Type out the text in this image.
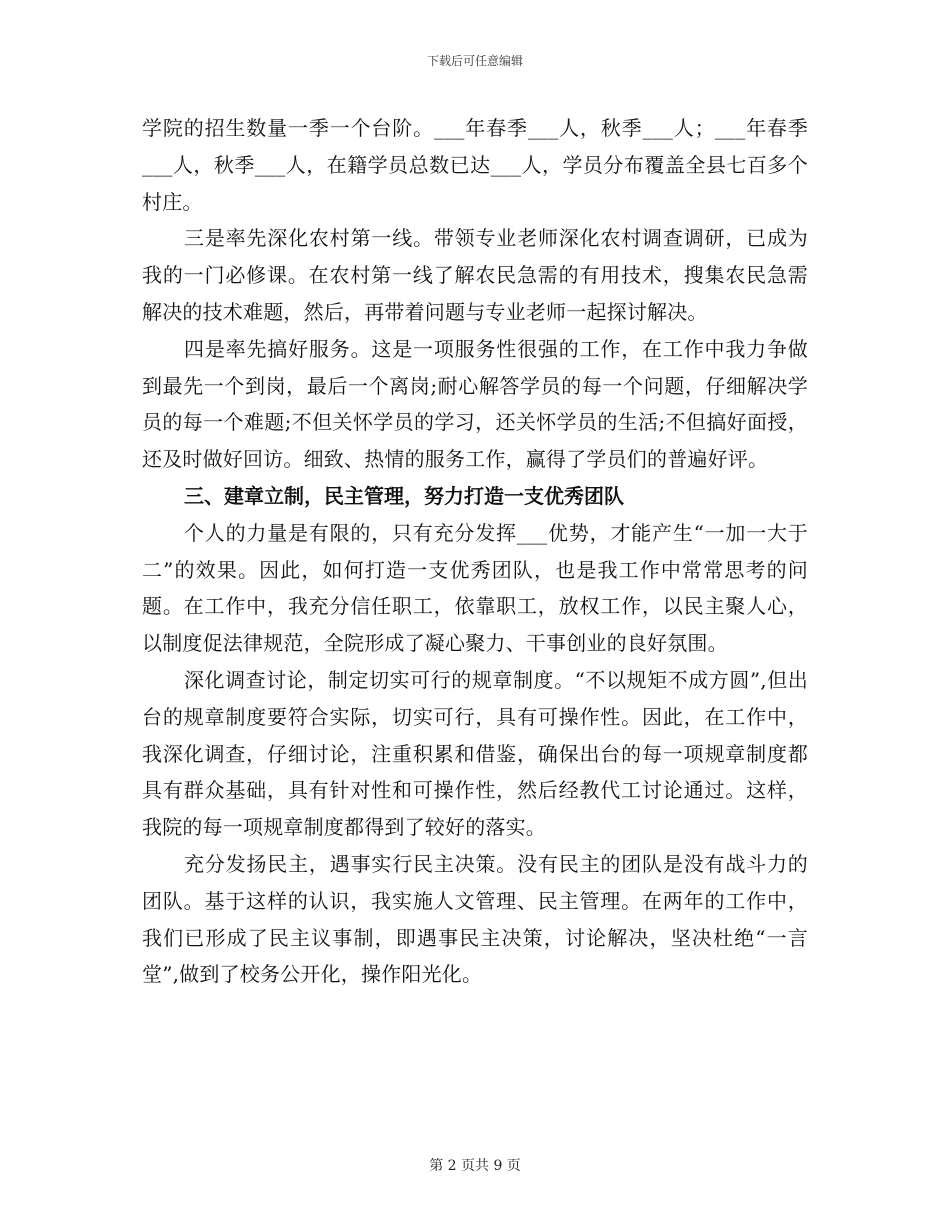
下载后可任意编辑

学院的招生数量一季一个台阶。___年春季___人，秋季___人；___年春季___人，秋季___人，在籍学员总数已达___人，学员分布覆盖全县七百多个村庄。

三是率先深化农村第一线。带领专业老师深化农村调查调研，已成为我的一门必修课。在农村第一线了解农民急需的有用技术，搜集农民急需解决的技术难题，然后，再带着问题与专业老师一起探讨解决。

四是率先搞好服务。这是一项服务性很强的工作，在工作中我力争做到最先一个到岗，最后一个离岗;耐心解答学员的每一个问题，仔细解决学员的每一个难题;不但关怀学员的学习，还关怀学员的生活;不但搞好面授，还及时做好回访。细致、热情的服务工作，赢得了学员们的普遍好评。

三、建章立制，民主管理，努力打造一支优秀团队

个人的力量是有限的，只有充分发挥___优势，才能产生“一加一大于二”的效果。因此，如何打造一支优秀团队，也是我工作中常常思考的问题。在工作中，我充分信任职工，依靠职工，放权工作，以民主聚人心，以制度促法律规范，全院形成了凝心聚力、干事创业的良好氛围。

深化调查讨论，制定切实可行的规章制度。“不以规矩不成方圆”,但出台的规章制度要符合实际，切实可行，具有可操作性。因此，在工作中，我深化调查，仔细讨论，注重积累和借鉴，确保出台的每一项规章制度都具有群众基础，具有针对性和可操作性，然后经教代工讨论通过。这样，我院的每一项规章制度都得到了较好的落实。

充分发扬民主，遇事实行民主决策。没有民主的团队是没有战斗力的团队。基于这样的认识，我实施人文管理、民主管理。在两年的工作中，我们已形成了民主议事制，即遇事民主决策，讨论解决，坚决杜绝“一言堂”,做到了校务公开化，操作阳光化。

第 2 页共 9 页
